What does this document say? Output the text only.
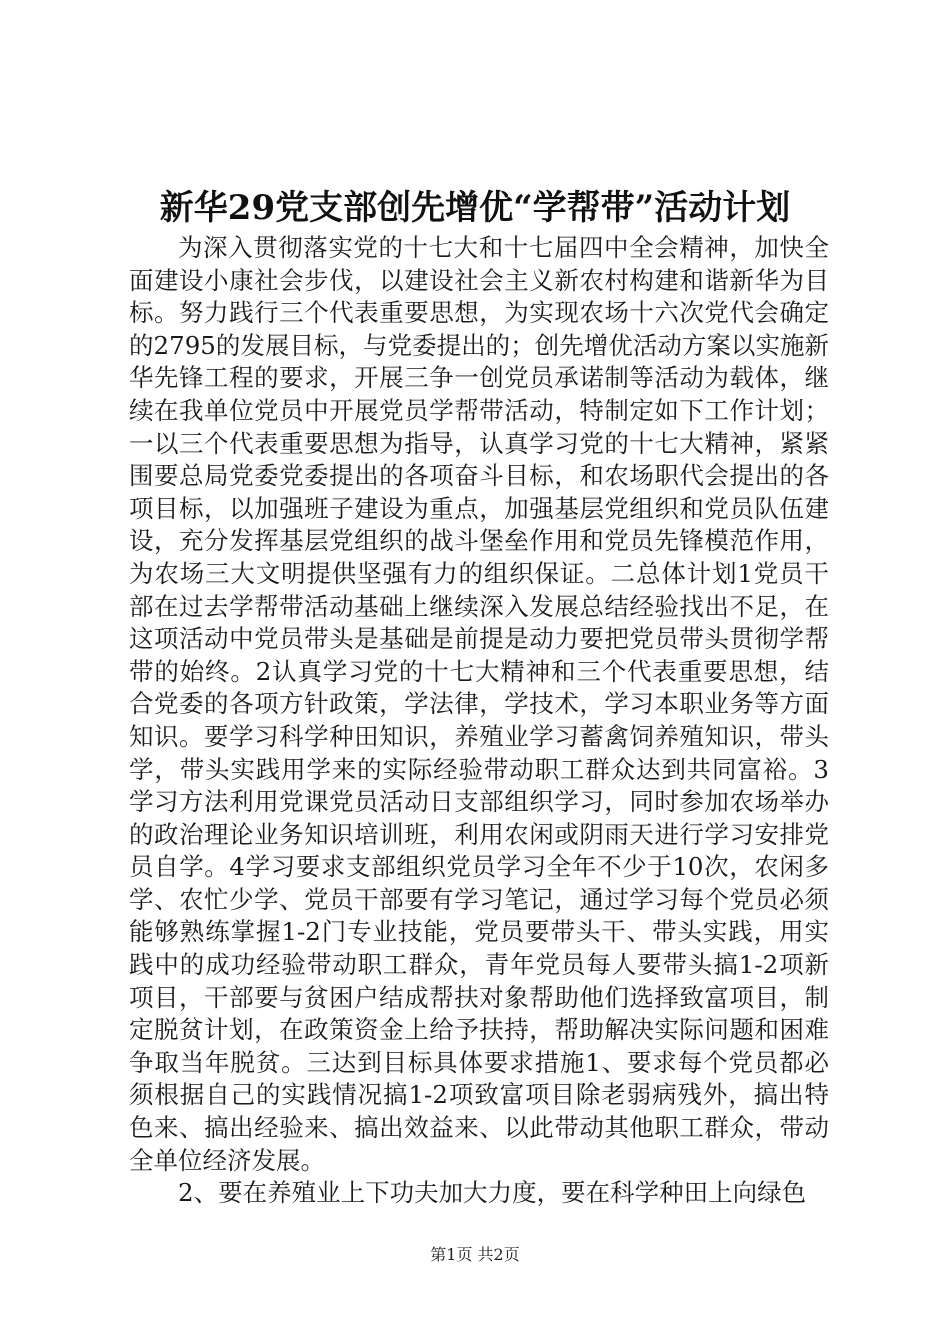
新华29党支部创先增优“学帮带”活动计划

为深入贯彻落实党的十七大和十七届四中全会精神，加快全面建设小康社会步伐，以建设社会主义新农村构建和谐新华为目标。努力践行三个代表重要思想，为实现农场十六次党代会确定的2795的发展目标，与党委提出的；创先增优活动方案以实施新华先锋工程的要求，开展三争一创党员承诺制等活动为载体，继续在我单位党员中开展党员学帮带活动，特制定如下工作计划；一以三个代表重要思想为指导，认真学习党的十七大精神，紧紧围要总局党委党委提出的各项奋斗目标，和农场职代会提出的各项目标，以加强班子建设为重点，加强基层党组织和党员队伍建设，充分发挥基层党组织的战斗堡垒作用和党员先锋模范作用，为农场三大文明提供坚强有力的组织保证。二总体计划1党员干部在过去学帮带活动基础上继续深入发展总结经验找出不足，在这项活动中党员带头是基础是前提是动力要把党员带头贯彻学帮带的始终。2认真学习党的十七大精神和三个代表重要思想，结合党委的各项方针政策，学法律，学技术，学习本职业务等方面知识。要学习科学种田知识，养殖业学习蓄禽饲养殖知识，带头学，带头实践用学来的实际经验带动职工群众达到共同富裕。3学习方法利用党课党员活动日支部组织学习，同时参加农场举办的政治理论业务知识培训班，利用农闲或阴雨天进行学习安排党员自学。4学习要求支部组织党员学习全年不少于10次，农闲多学、农忙少学、党员干部要有学习笔记，通过学习每个党员必须能够熟练掌握1-2门专业技能，党员要带头干、带头实践，用实践中的成功经验带动职工群众，青年党员每人要带头搞1-2项新项目，干部要与贫困户结成帮扶对象帮助他们选择致富项目，制定脱贫计划，在政策资金上给予扶持，帮助解决实际问题和困难争取当年脱贫。三达到目标具体要求措施1、要求每个党员都必须根据自己的实践情况搞1-2项致富项目除老弱病残外，搞出特色来、搞出经验来、搞出效益来、以此带动其他职工群众，带动全单位经济发展。

2、要在养殖业上下功夫加大力度，要在科学种田上向绿色

第1页 共2页
